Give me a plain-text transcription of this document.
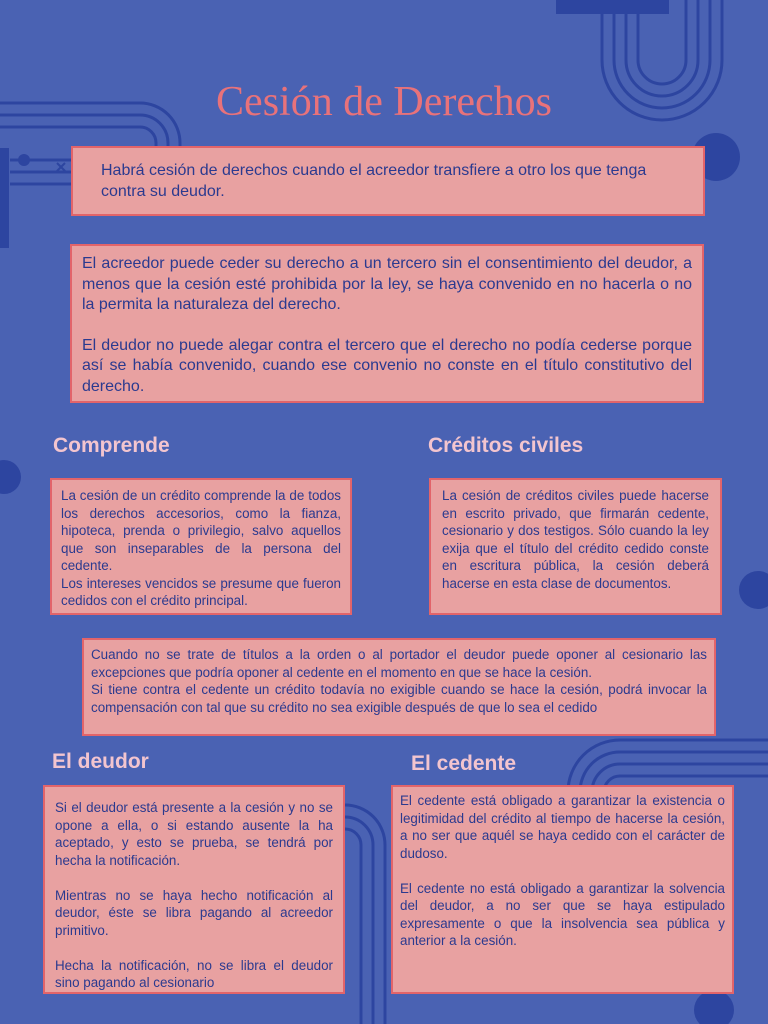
Cesión de Derechos

Habrá cesión de derechos cuando el acreedor transfiere a otro los que tenga contra su deudor.

El acreedor puede ceder su derecho a un tercero sin el consentimiento del deudor, a menos que la cesión esté prohibida por la ley, se haya convenido en no hacerla o no la permita la naturaleza del derecho.

El deudor no puede alegar contra el tercero que el derecho no podía cederse porque así se había convenido, cuando ese convenio no conste en el título constitutivo del derecho.

Comprende	Créditos civiles

La cesión de un crédito comprende la de todos los derechos accesorios, como la fianza, hipoteca, prenda o privilegio, salvo aquellos que son inseparables de la persona del cedente.

Los intereses vencidos se presume que fueron cedidos con el crédito principal.

La cesión de créditos civiles puede hacerse en escrito privado, que firmarán cedente, cesionario y dos testigos. Sólo cuando la ley exija que el título del crédito cedido conste en escritura pública, la cesión deberá hacerse en esta clase de documentos.

Cuando no se trate de títulos a la orden o al portador el deudor puede oponer al cesionario las excepciones que podría oponer al cedente en el momento en que se hace la cesión.

Si tiene contra el cedente un crédito todavía no exigible cuando se hace la cesión, podrá invocar la compensación con tal que su crédito no sea exigible después de que lo sea el cedido

El deudor	El cedente

Si el deudor está presente a la cesión y no se opone a ella, o si estando ausente la ha aceptado, y esto se prueba, se tendrá por hecha la notificación.

Mientras no se haya hecho notificación al deudor, éste se libra pagando al acreedor primitivo.

Hecha la notificación, no se libra el deudor sino pagando al cesionario

El cedente está obligado a garantizar la existencia o legitimidad del crédito al tiempo de hacerse la cesión, a no ser que aquél se haya cedido con el carácter de dudoso.

El cedente no está obligado a garantizar la solvencia del deudor, a no ser que se haya estipulado expresamente o que la insolvencia sea pública y anterior a la cesión.
